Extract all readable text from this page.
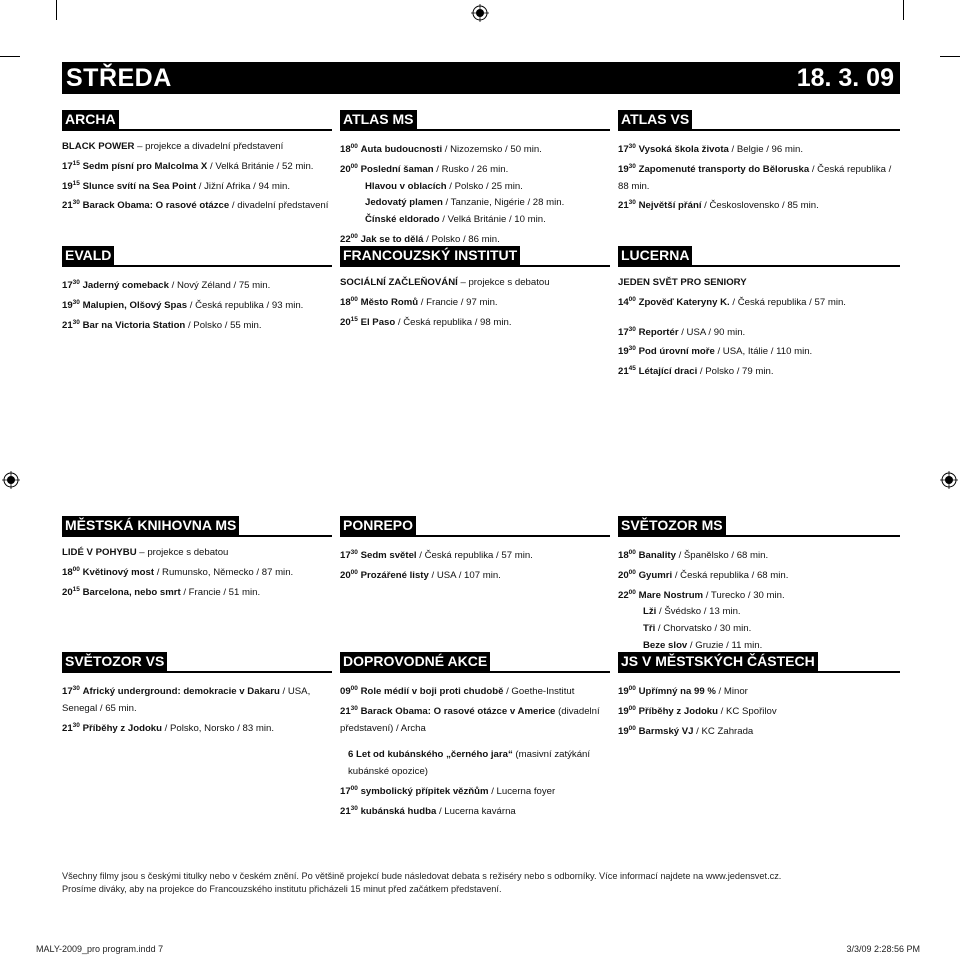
STŘEDA	18. 3. 09
ARCHA
BLACK POWER – projekce a divadelní představení
$17^{15}$ Sedm písní pro Malcolma X / Velká Británie / 52 min.
$19^{15}$ Slunce svítí na Sea Point / Jižní Afrika / 94 min.
$21^{30}$ Barack Obama: O rasové otázce / divadelní představení
ATLAS MS
$18^{00}$ Auta budoucnosti / Nizozemsko / 50 min.
$20^{00}$ Poslední šaman / Rusko / 26 min.
Hlavou v oblacích / Polsko / 25 min.
Jedovatý plamen / Tanzanie, Nigérie / 28 min.
Čínské eldorado / Velká Británie / 10 min.
$22^{00}$ Jak se to dělá / Polsko / 86 min.
ATLAS VS
$17^{30}$ Vysoká škola života / Belgie / 96 min.
$19^{30}$ Zapomenuté transporty do Běloruska / Česká republika / 88 min.
$21^{30}$ Největší přání / Československo / 85 min.
EVALD
$17^{30}$ Jaderný comeback / Nový Zéland / 75 min.
$19^{30}$ Malupien, Olšový Spas / Česká republika / 93 min.
$21^{30}$ Bar na Victoria Station / Polsko / 55 min.
FRANCOUZSKÝ INSTITUT
SOCIÁLNÍ ZAČLEŇOVÁNÍ – projekce s debatou
$18^{00}$ Město Romů / Francie / 97 min.
$20^{15}$ El Paso / Česká republika / 98 min.
LUCERNA
JEDEN SVĚT PRO SENIORY
$14^{00}$ Zpověď Kateryny K. / Česká republika / 57 min.
$17^{30}$ Reportér / USA / 90 min.
$19^{30}$ Pod úrovní moře / USA, Itálie / 110 min.
$21^{45}$ Létající draci / Polsko / 79 min.
MĚSTSKÁ KNIHOVNA MS
LIDÉ V POHYBU – projekce s debatou
$18^{00}$ Květinový most / Rumunsko, Německo / 87 min.
$20^{15}$ Barcelona, nebo smrt / Francie / 51 min.
PONREPO
$17^{30}$ Sedm světel / Česká republika / 57 min.
$20^{00}$ Prozářené listy / USA / 107 min.
SVĚTOZOR MS
$18^{00}$ Banality / Španělsko / 68 min.
$20^{00}$ Gyumri / Česká republika / 68 min.
$22^{00}$ Mare Nostrum / Turecko / 30 min.
Lži / Švédsko / 13 min.
Tři / Chorvatsko / 30 min.
Beze slov / Gruzie / 11 min.
SVĚTOZOR VS
$17^{30}$ Africký underground: demokracie v Dakaru / USA, Senegal / 65 min.
$21^{30}$ Příběhy z Jodoku / Polsko, Norsko / 83 min.
DOPROVODNÉ AKCE
$09^{00}$ Role médií v boji proti chudobě / Goethe-Institut
$21^{30}$ Barack Obama: O rasové otázce v Americe (divadelní představení) / Archa
6 Let od kubánského „černého jara“ (masivní zatýkání kubánské opozice)
$17^{00}$ symbolický přípitek vězňům / Lucerna foyer
$21^{30}$ kubánská hudba / Lucerna kavárna
JS V MĚSTSKÝCH ČÁSTECH
$19^{00}$ Upřímný na 99 % / Minor
$19^{00}$ Příběhy z Jodoku / KC Spořilov
$19^{00}$ Barmský VJ / KC Zahrada
Všechny filmy jsou s českými titulky nebo v českém znění. Po většině projekcí bude následovat debata s režiséry nebo s odborníky. Více informací najdete na www.jedensvet.cz.
Prosíme diváky, aby na projekce do Francouzského institutu přicházeli 15 minut před začátkem představení.
MALY-2009_pro program.indd 7	3/3/09 2:28:56 PM
